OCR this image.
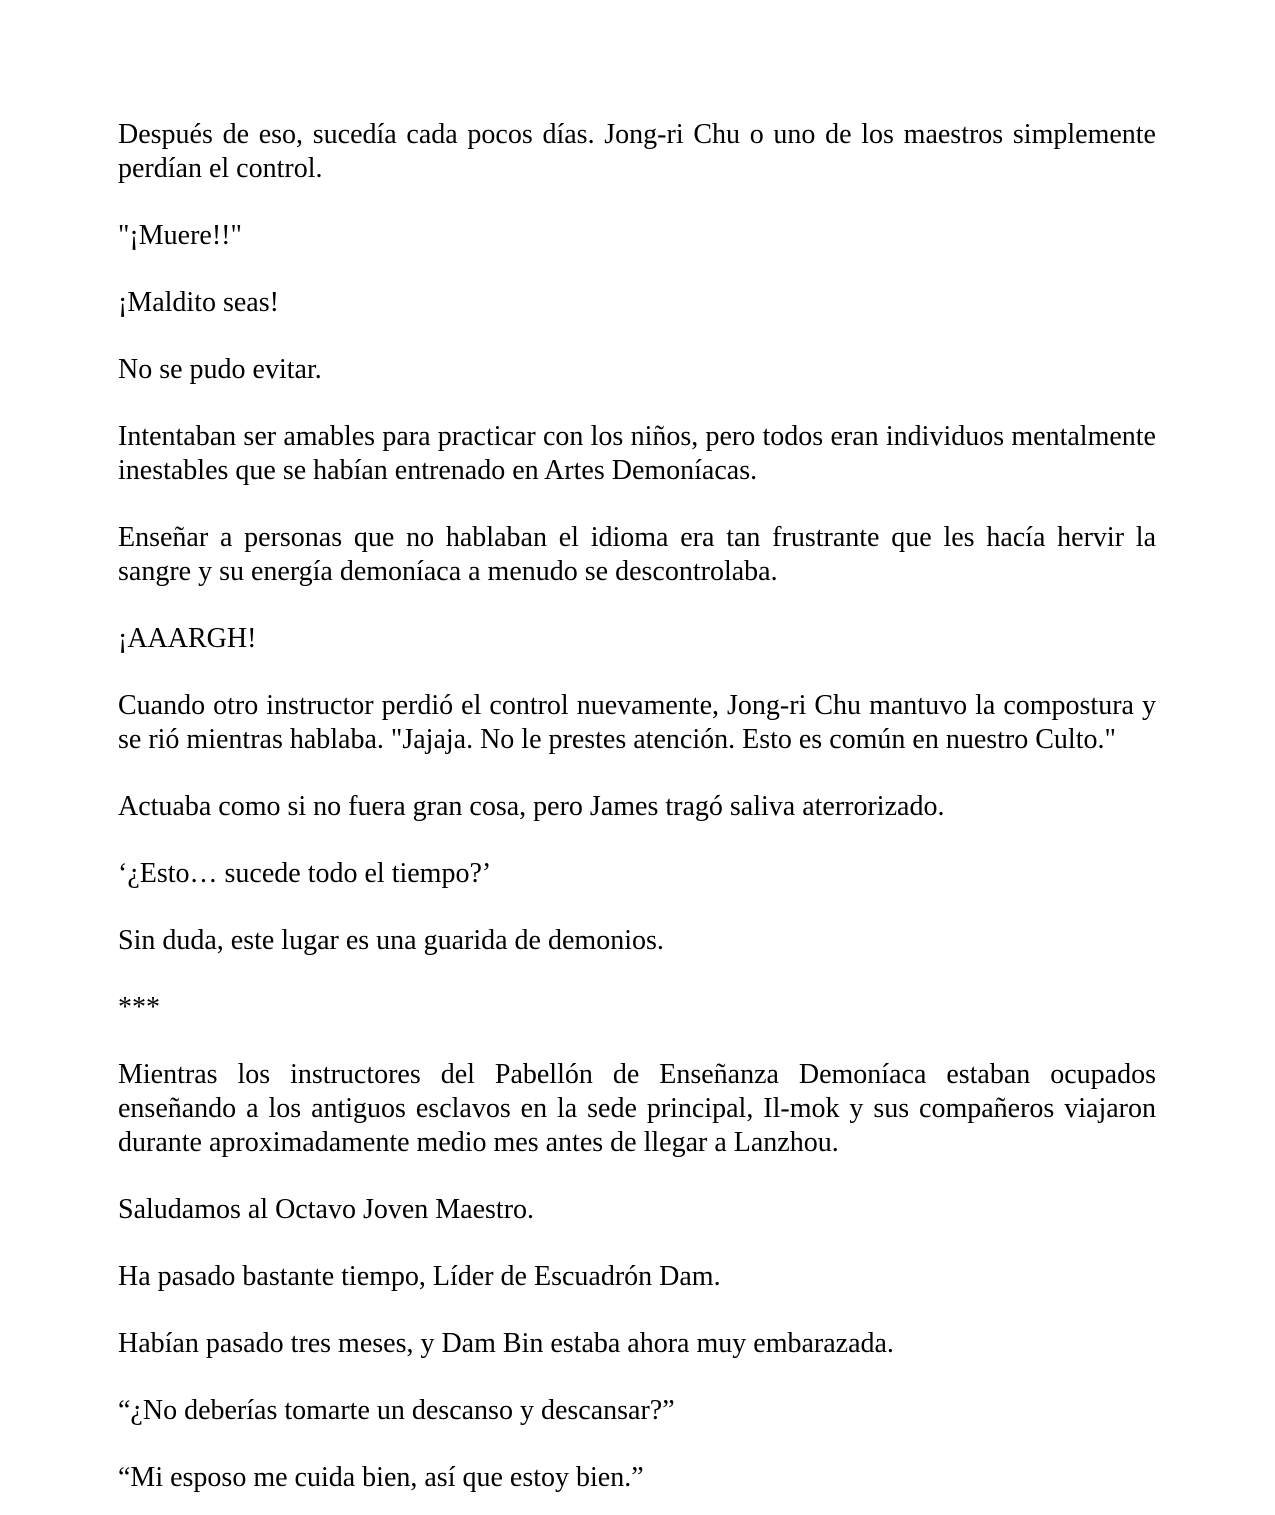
Después de eso, sucedía cada pocos días. Jong-ri Chu o uno de los maestros simplemente perdían el control.

"¡Muere!!"

¡Maldito seas!

No se pudo evitar.

Intentaban ser amables para practicar con los niños, pero todos eran individuos mentalmente inestables que se habían entrenado en Artes Demoníacas.

Enseñar a personas que no hablaban el idioma era tan frustrante que les hacía hervir la sangre y su energía demoníaca a menudo se descontrolaba.

¡AAARGH!

Cuando otro instructor perdió el control nuevamente, Jong-ri Chu mantuvo la compostura y se rió mientras hablaba. "Jajaja. No le prestes atención. Esto es común en nuestro Culto."

Actuaba como si no fuera gran cosa, pero James tragó saliva aterrorizado.

‘¿Esto… sucede todo el tiempo?’

Sin duda, este lugar es una guarida de demonios.

***

Mientras los instructores del Pabellón de Enseñanza Demoníaca estaban ocupados enseñando a los antiguos esclavos en la sede principal, Il-mok y sus compañeros viajaron durante aproximadamente medio mes antes de llegar a Lanzhou.

Saludamos al Octavo Joven Maestro.

Ha pasado bastante tiempo, Líder de Escuadrón Dam.

Habían pasado tres meses, y Dam Bin estaba ahora muy embarazada.

“¿No deberías tomarte un descanso y descansar?”

“Mi esposo me cuida bien, así que estoy bien.”
